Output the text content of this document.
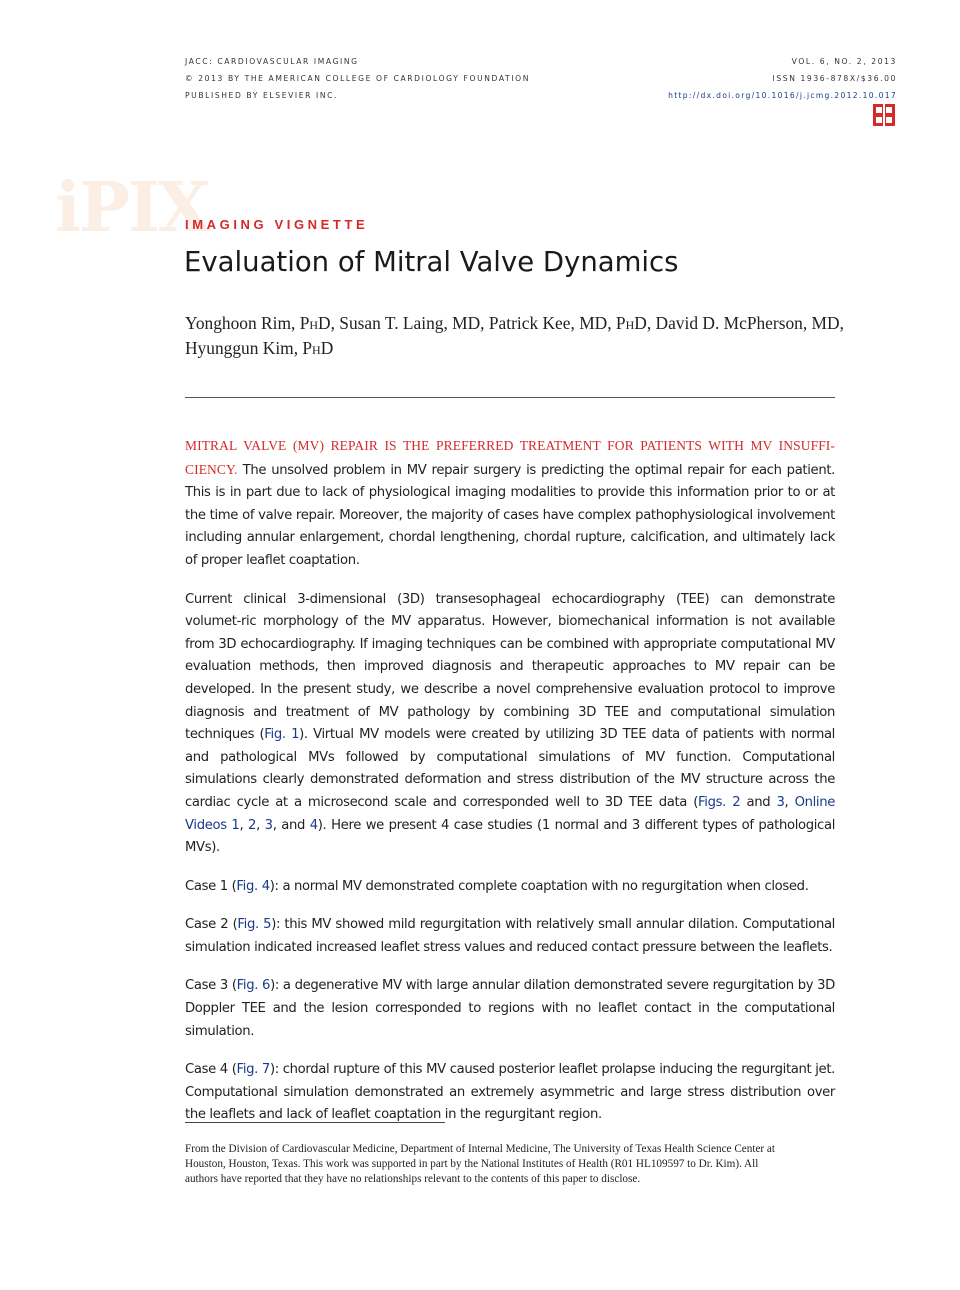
JACC: CARDIOVASCULAR IMAGING
© 2013 BY THE AMERICAN COLLEGE OF CARDIOLOGY FOUNDATION
PUBLISHED BY ELSEVIER INC.
VOL. 6, NO. 2, 2013
ISSN 1936-878X/$36.00
http://dx.doi.org/10.1016/j.jcmg.2012.10.017
iPIX
IMAGING VIGNETTE
Evaluation of Mitral Valve Dynamics
Yonghoon Rim, PhD, Susan T. Laing, MD, Patrick Kee, MD, PhD, David D. McPherson, MD,
Hyunggun Kim, PhD

MITRAL VALVE (MV) REPAIR IS THE PREFERRED TREATMENT FOR PATIENTS WITH MV INSUFFI-CIENCY. The unsolved problem in MV repair surgery is predicting the optimal repair for each patient. This is in part due to lack of physiological imaging modalities to provide this information prior to or at the time of valve repair. Moreover, the majority of cases have complex pathophysiological involvement including annular enlargement, chordal lengthening, chordal rupture, calcification, and ultimately lack of proper leaflet coaptation.

Current clinical 3-dimensional (3D) transesophageal echocardiography (TEE) can demonstrate volumet-ric morphology of the MV apparatus. However, biomechanical information is not available from 3D echocardiography. If imaging techniques can be combined with appropriate computational MV evaluation methods, then improved diagnosis and therapeutic approaches to MV repair can be developed. In the present study, we describe a novel comprehensive evaluation protocol to improve diagnosis and treatment of MV pathology by combining 3D TEE and computational simulation techniques (Fig. 1). Virtual MV models were created by utilizing 3D TEE data of patients with normal and pathological MVs followed by computational simulations of MV function. Computational simulations clearly demonstrated deformation and stress distribution of the MV structure across the cardiac cycle at a microsecond scale and corresponded well to 3D TEE data (Figs. 2 and 3, Online Videos 1, 2, 3, and 4). Here we present 4 case studies (1 normal and 3 different types of pathological MVs).

Case 1 (Fig. 4): a normal MV demonstrated complete coaptation with no regurgitation when closed.

Case 2 (Fig. 5): this MV showed mild regurgitation with relatively small annular dilation. Computational simulation indicated increased leaflet stress values and reduced contact pressure between the leaflets.

Case 3 (Fig. 6): a degenerative MV with large annular dilation demonstrated severe regurgitation by 3D Doppler TEE and the lesion corresponded to regions with no leaflet contact in the computational simulation.

Case 4 (Fig. 7): chordal rupture of this MV caused posterior leaflet prolapse inducing the regurgitant jet. Computational simulation demonstrated an extremely asymmetric and large stress distribution over the leaflets and lack of leaflet coaptation in the regurgitant region.

From the Division of Cardiovascular Medicine, Department of Internal Medicine, The University of Texas Health Science Center at Houston, Houston, Texas. This work was supported in part by the National Institutes of Health (R01 HL109597 to Dr. Kim). All authors have reported that they have no relationships relevant to the contents of this paper to disclose.
